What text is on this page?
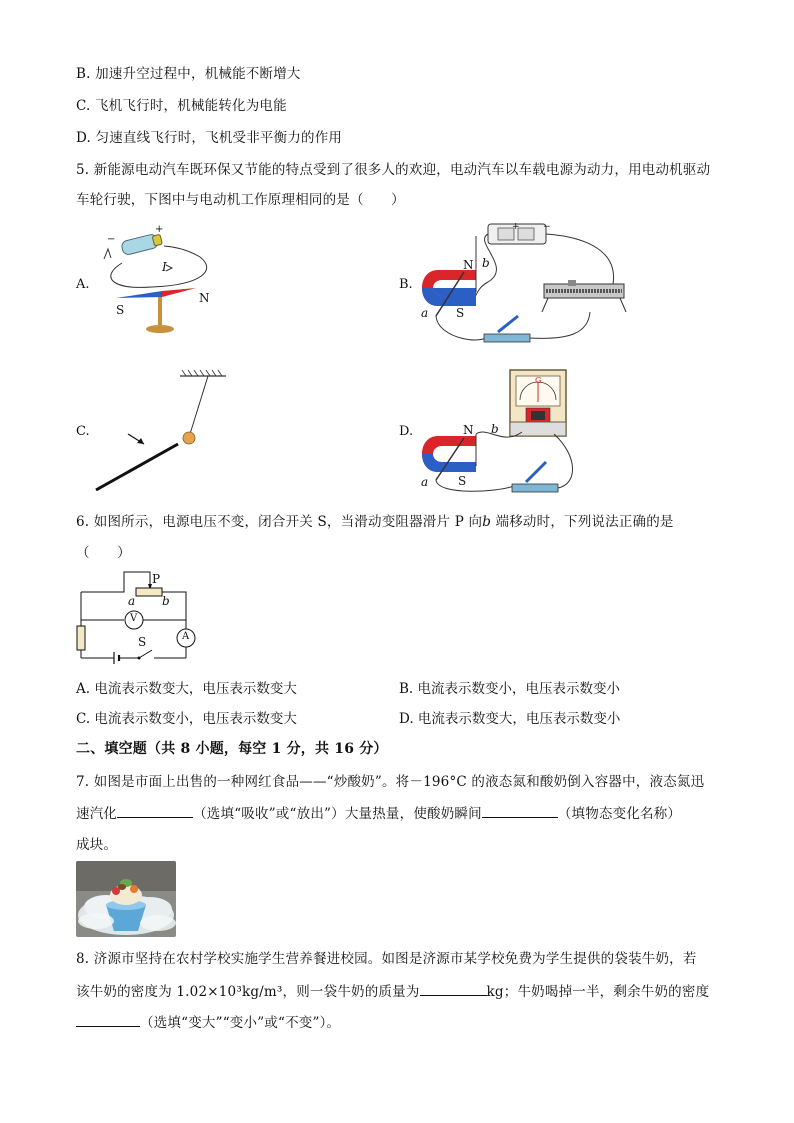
B. 加速升空过程中，机械能不断增大
C. 飞机飞行时，机械能转化为电能
D. 匀速直线飞行时，飞机受非平衡力的作用
5. 新能源电动汽车既环保又节能的特点受到了很多人的欢迎，电动汽车以车载电源为动力，用电动机驱动
车轮行驶，下图中与电动机工作原理相同的是（　　）
A.	B.
C.	D.
−
+
I
S
N
N b
a S
+	−
N b
a S
G
6. 如图所示，电源电压不变，闭合开关 S，当滑动变阻器滑片 P 向b 端移动时，下列说法正确的是
（　　）
P
a b
V
A
S
A. 电流表示数变大，电压表示数变大	B. 电流表示数变小，电压表示数变小
C. 电流表示数变小，电压表示数变大	D. 电流表示数变大，电压表示数变小
二、填空题（共 8 小题，每空 1 分，共 16 分）
7. 如图是市面上出售的一种网红食品——“炒酸奶”。将－196°C 的液态氮和酸奶倒入容器中，液态氮迅
速汽化	（选填“吸收”或“放出”）大量热量，使酸奶瞬间	（填物态变化名称）
成块。
8. 济源市坚持在农村学校实施学生营养餐进校园。如图是济源市某学校免费为学生提供的袋装牛奶，若
该牛奶的密度为 1.02×10³kg/m³，则一袋牛奶的质量为	kg；牛奶喝掉一半，剩余牛奶的密度
（选填“变大”“变小”或“不变”）。
